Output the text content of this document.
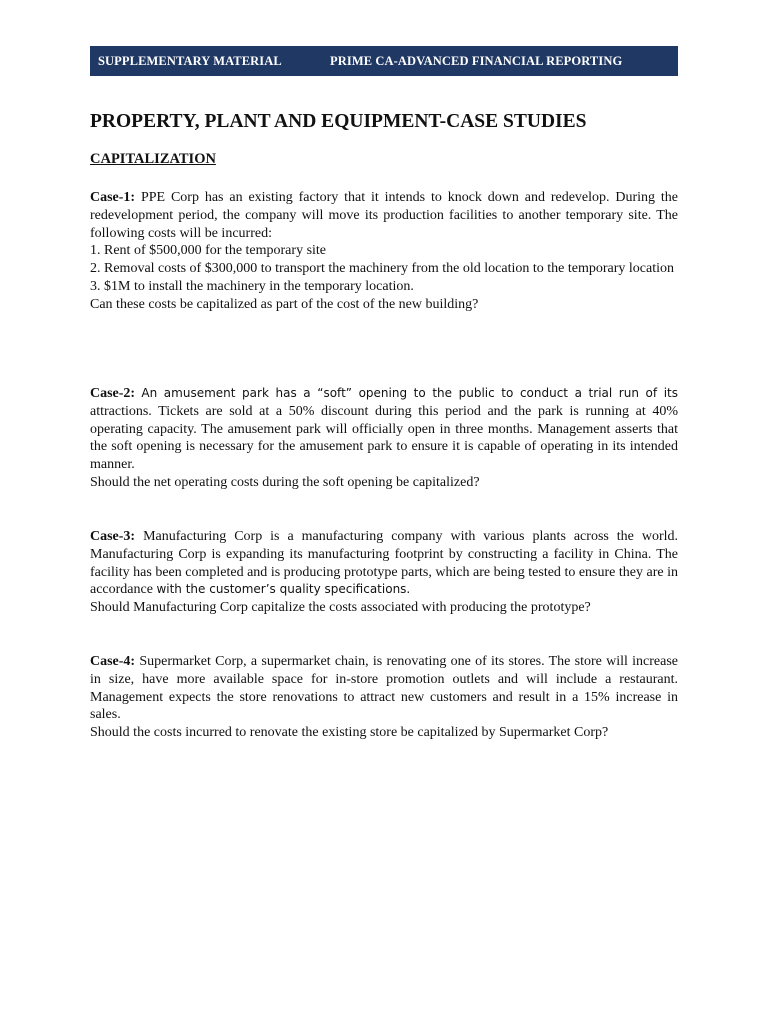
SUPPLEMENTARY MATERIAL	PRIME CA-ADVANCED FINANCIAL REPORTING
PROPERTY, PLANT AND EQUIPMENT-CASE STUDIES
CAPITALIZATION

Case-1: PPE Corp has an existing factory that it intends to knock down and redevelop. During the redevelopment period, the company will move its production facilities to another temporary site. The following costs will be incurred:

1. Rent of $500,000 for the temporary site

2. Removal costs of $300,000 to transport the machinery from the old location to the temporary location

3. $1M to install the machinery in the temporary location.

Can these costs be capitalized as part of the cost of the new building?

Case-2: An amusement park has a “soft” opening to the public to conduct a trial run of its attractions. Tickets are sold at a 50% discount during this period and the park is running at 40% operating capacity. The amusement park will officially open in three months. Management asserts that the soft opening is necessary for the amusement park to ensure it is capable of operating in its intended manner.

Should the net operating costs during the soft opening be capitalized?

Case-3: Manufacturing Corp is a manufacturing company with various plants across the world. Manufacturing Corp is expanding its manufacturing footprint by constructing a facility in China. The facility has been completed and is producing prototype parts, which are being tested to ensure they are in accordance with the customer’s quality specifications.

Should Manufacturing Corp capitalize the costs associated with producing the prototype?

Case-4: Supermarket Corp, a supermarket chain, is renovating one of its stores. The store will increase in size, have more available space for in-store promotion outlets and will include a restaurant. Management expects the store renovations to attract new customers and result in a 15% increase in sales.

Should the costs incurred to renovate the existing store be capitalized by Supermarket Corp?
